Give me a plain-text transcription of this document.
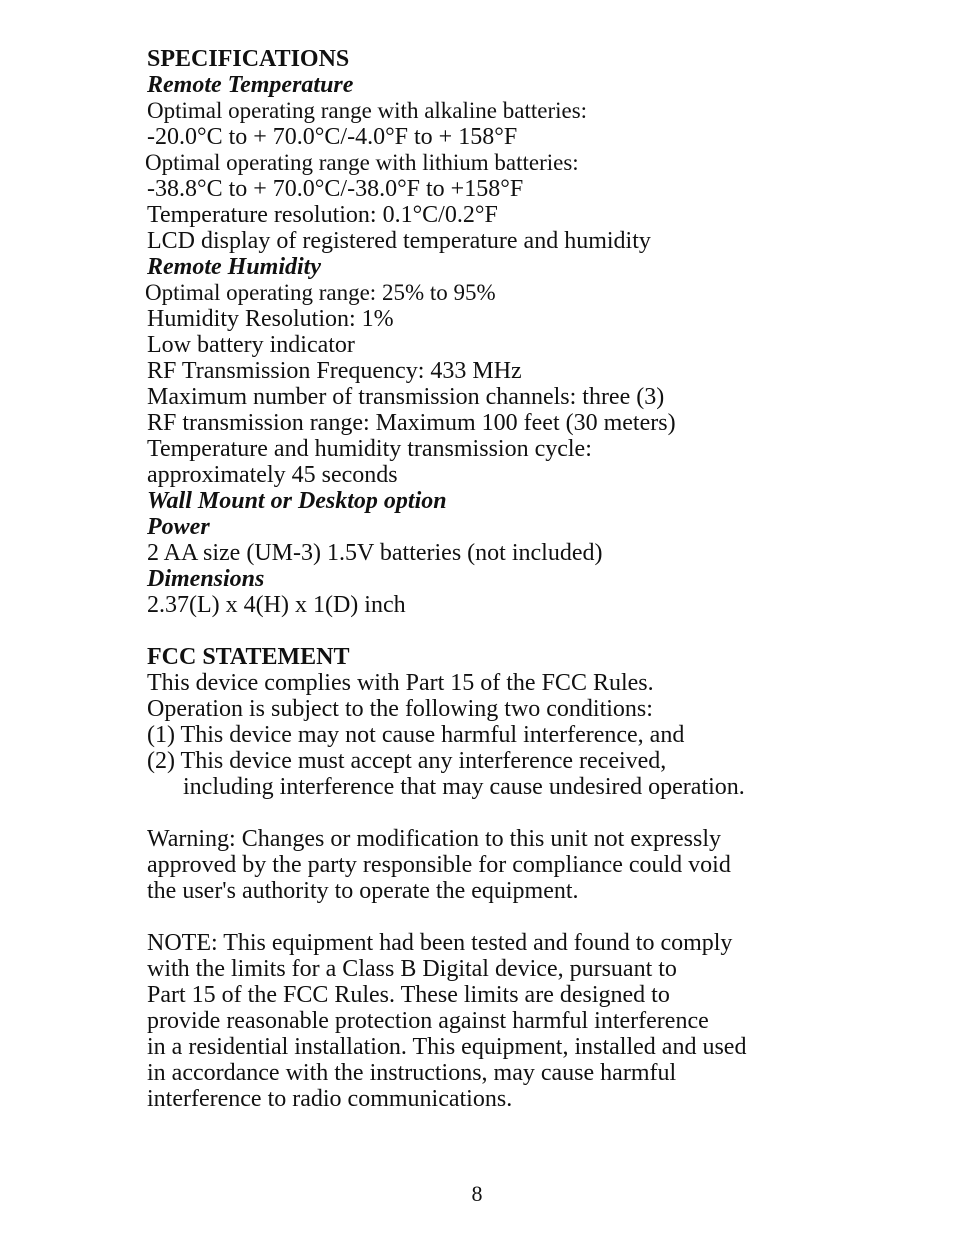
SPECIFICATIONS
Remote Temperature
Optimal operating range with alkaline batteries:
-20.0°C to + 70.0°C/-4.0°F to + 158°F
Optimal operating range with lithium batteries:
-38.8°C to + 70.0°C/-38.0°F to +158°F
Temperature resolution: 0.1°C/0.2°F
LCD display of registered temperature and humidity
Remote Humidity
Optimal operating range: 25% to 95%
Humidity Resolution: 1%
Low battery indicator
RF Transmission Frequency: 433 MHz
Maximum number of transmission channels: three (3)
RF transmission range: Maximum 100 feet (30 meters)
Temperature and humidity transmission cycle:
approximately 45 seconds
Wall Mount or Desktop option
Power
2 AA size (UM-3) 1.5V batteries (not included)
Dimensions
2.37(L) x 4(H) x 1(D) inch
FCC STATEMENT
This device complies with Part 15 of the FCC Rules.
Operation is subject to the following two conditions:
(1) This device may not cause harmful interference, and
(2) This device must accept any interference received,
including interference that may cause undesired operation.
Warning: Changes or modification to this unit not expressly
approved by the party responsible for compliance could void
the user's authority to operate the equipment.
NOTE: This equipment had been tested and found to comply
with the limits for a Class B Digital device, pursuant to
Part 15 of the FCC Rules. These limits are designed to
provide reasonable protection against harmful interference
in a residential installation. This equipment, installed and used
in accordance with the instructions, may cause harmful
interference to radio communications.
8
